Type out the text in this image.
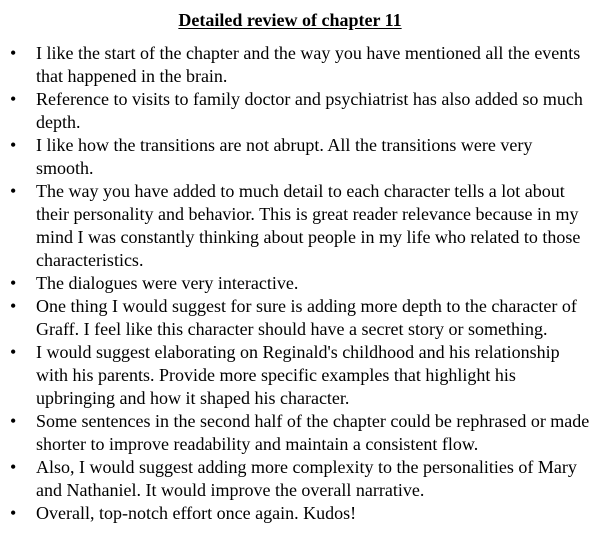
Detailed review of chapter 11
• I like the start of the chapter and the way you have mentioned all the events
that happened in the brain.
• Reference to visits to family doctor and psychiatrist has also added so much
depth.
• I like how the transitions are not abrupt. All the transitions were very
smooth.
• The way you have added to much detail to each character tells a lot about
their personality and behavior. This is great reader relevance because in my
mind I was constantly thinking about people in my life who related to those
characteristics.
• The dialogues were very interactive.
• One thing I would suggest for sure is adding more depth to the character of
Graff. I feel like this character should have a secret story or something.
• I would suggest elaborating on Reginald's childhood and his relationship
with his parents. Provide more specific examples that highlight his
upbringing and how it shaped his character.
• Some sentences in the second half of the chapter could be rephrased or made
shorter to improve readability and maintain a consistent flow.
• Also, I would suggest adding more complexity to the personalities of Mary
and Nathaniel. It would improve the overall narrative.
• Overall, top-notch effort once again. Kudos!
